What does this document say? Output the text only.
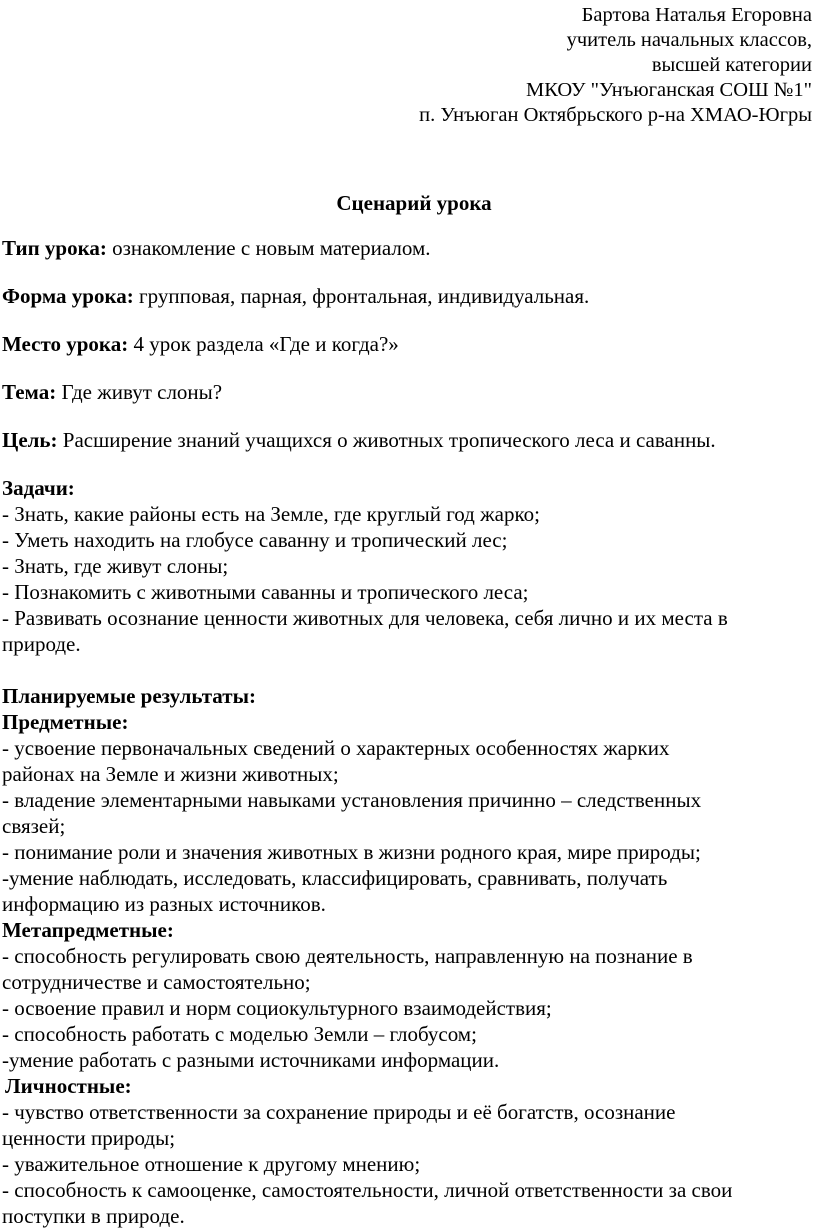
Бартова Наталья Егоровна
учитель начальных классов,
высшей категории
МКОУ "Унъюганская СОШ №1"
п. Унъюган Октябрьского р-на ХМАО-Югры
Сценарий урока
Тип урока: ознакомление с новым материалом.
Форма урока: групповая, парная, фронтальная, индивидуальная.
Место урока: 4 урок раздела «Где и когда?»
Тема: Где живут слоны?
Цель: Расширение знаний учащихся о животных тропического леса и саванны.
Задачи:
- Знать, какие районы есть на Земле, где круглый год жарко;
- Уметь находить на глобусе саванну и тропический лес;
- Знать, где живут слоны;
- Познакомить с животными саванны и тропического леса;
- Развивать осознание ценности животных для человека, себя лично и их места в
природе.
Планируемые результаты:
Предметные:
- усвоение первоначальных сведений о характерных особенностях жарких
районах на Земле и жизни животных;
- владение элементарными навыками установления причинно – следственных
связей;
- понимание роли и значения животных в жизни родного края, мире природы;
-умение наблюдать, исследовать, классифицировать, сравнивать, получать
информацию из разных источников.
Метапредметные:
- способность регулировать свою деятельность, направленную на познание в
сотрудничестве и самостоятельно;
- освоение правил и норм социокультурного взаимодействия;
- способность работать с моделью Земли – глобусом;
-умение работать с разными источниками информации.
Личностные:
- чувство ответственности за сохранение природы и её богатств, осознание
ценности природы;
- уважительное отношение к другому мнению;
- способность к самооценке, самостоятельности, личной ответственности за свои
поступки в природе.
